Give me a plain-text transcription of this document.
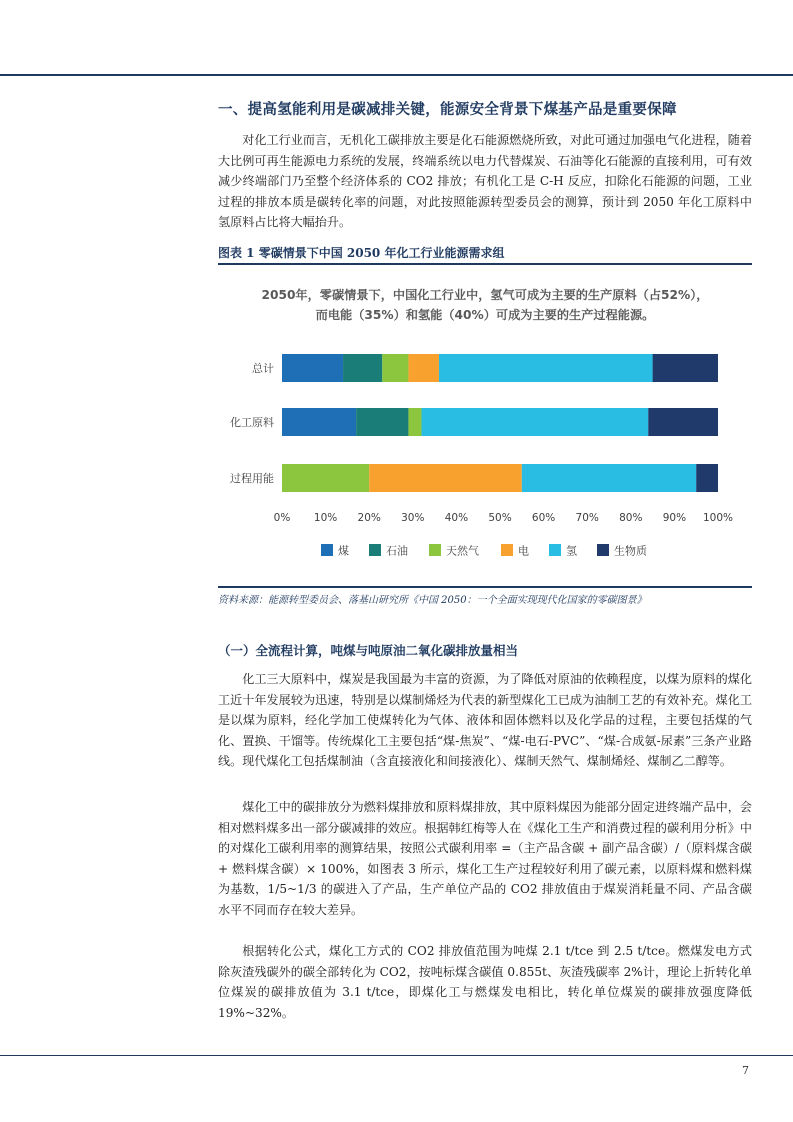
一、提高氢能利用是碳减排关键，能源安全背景下煤基产品是重要保障

对化工行业而言，无机化工碳排放主要是化石能源燃烧所致，对此可通过加强电气化进程，随着大比例可再生能源电力系统的发展，终端系统以电力代替煤炭、石油等化石能源的直接利用，可有效减少终端部门乃至整个经济体系的 CO2 排放；有机化工是 C-H 反应，扣除化石能源的问题，工业过程的排放本质是碳转化率的问题，对此按照能源转型委员会的测算，预计到 2050 年化工原料中氢原料占比将大幅抬升。

图表 1 零碳情景下中国 2050 年化工行业能源需求组

2050年，零碳情景下，中国化工行业中，氢气可成为主要的生产原料（占52%），
而电能（35%）和氢能（40%）可成为主要的生产过程能源。
总计
化工原料
过程用能
0% 10% 20% 30% 40% 50% 60% 70% 80% 90% 100%
煤	石油	天然气	电	氢	生物质

资料来源：能源转型委员会、落基山研究所《中国 2050：一个全面实现现代化国家的零碳图景》

（一）全流程计算，吨煤与吨原油二氧化碳排放量相当

化工三大原料中，煤炭是我国最为丰富的资源，为了降低对原油的依赖程度，以煤为原料的煤化工近十年发展较为迅速，特别是以煤制烯烃为代表的新型煤化工已成为油制工艺的有效补充。煤化工是以煤为原料，经化学加工使煤转化为气体、液体和固体燃料以及化学品的过程，主要包括煤的气化、置换、干馏等。传统煤化工主要包括“煤-焦炭”、“煤-电石-PVC”、“煤-合成氨-尿素”三条产业路线。现代煤化工包括煤制油（含直接液化和间接液化）、煤制天然气、煤制烯烃、煤制乙二醇等。

煤化工中的碳排放分为燃料煤排放和原料煤排放，其中原料煤因为能部分固定进终端产品中，会相对燃料煤多出一部分碳减排的效应。根据韩红梅等人在《煤化工生产和消费过程的碳利用分析》中的对煤化工碳利用率的测算结果，按照公式碳利用率 =（主产品含碳 + 副产品含碳）/（原料煤含碳 + 燃料煤含碳）× 100%，如图表 3 所示，煤化工生产过程较好利用了碳元素，以原料煤和燃料煤为基数，1/5~1/3 的碳进入了产品，生产单位产品的 CO2 排放值由于煤炭消耗量不同、产品含碳水平不同而存在较大差异。

根据转化公式，煤化工方式的 CO2 排放值范围为吨煤 2.1 t/tce 到 2.5 t/tce。燃煤发电方式除灰渣残碳外的碳全部转化为 CO2，按吨标煤含碳值 0.855t、灰渣残碳率 2%计，理论上折转化单位煤炭的碳排放值为 3.1 t/tce，即煤化工与燃煤发电相比，转化单位煤炭的碳排放强度降低 19%~32%。

7
